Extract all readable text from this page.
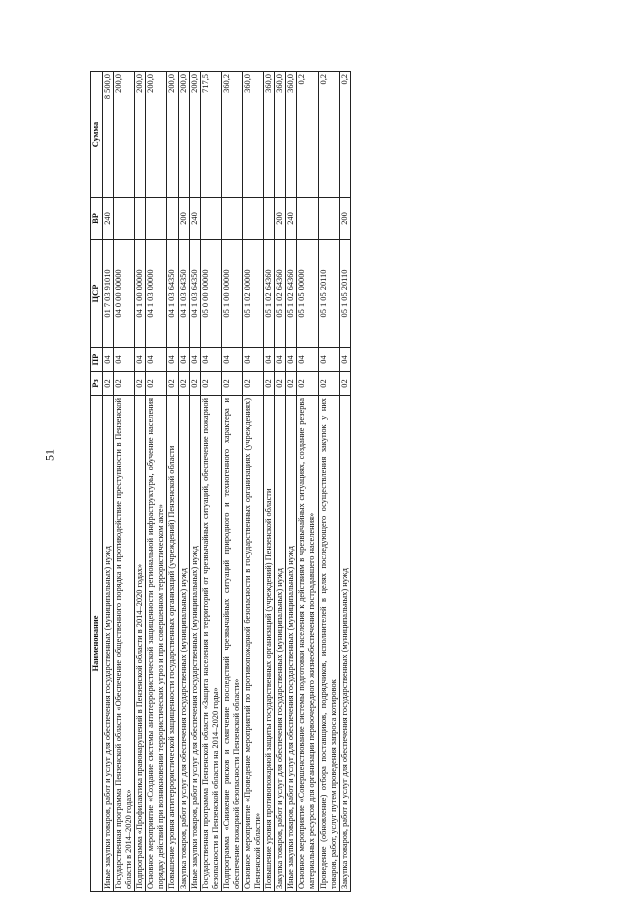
51
Наименование	Рз	ПР	ЦСР	ВР	Сумма
Иные закупки товаров, работ и услуг для обеспечения государственных (муниципальных) нужд	02	04	01 7 03 91010	240	8 500,0
Государственная программа Пензенской области «Обеспечение общественного порядка и противодействие преступности в Пензенской области в 2014–2020 годах»	02	04	04 0 00 00000		200,0
Подпрограмма «Профилактика правонарушений в Пензенской области в 2014–2020 годах»	02	04	04 1 00 00000		200,0
Основное мероприятие «Создание системы антитеррористической защищенности региональной инфраструктуры, обучение населения порядку действий при возникновении террористических угроз и при совершенном террористическом акте»	02	04	04 1 03 00000		200,0
Повышение уровня антитеррористической защищенности государственных организаций (учреждений) Пензенской области	02	04	04 1 03 64350		200,0
Закупка товаров, работ и услуг для обеспечения государственных (муниципальных) нужд	02	04	04 1 03 64350	200	200,0
Иные закупки товаров, работ и услуг для обеспечения государственных (муниципальных) нужд	02	04	04 1 03 64350	240	200,0
Государственная программа Пензенской области «Защита населения и территорий от чрезвычайных ситуаций, обеспечение пожарной безопасности в Пензенской области на 2014–2020 годы»	02	04	05 0 00 00000		717,5
Подпрограмма «Снижение рисков и смягчение последствий чрезвычайных ситуаций природного и техногенного характера и обеспечение пожарной безопасности Пензенской области»	02	04	05 1 00 00000		360,2
Основное мероприятие «Проведение мероприятий по противопожарной безопасности в государственных организациях (учреждениях) Пензенской области»	02	04	05 1 02 00000		360,0
Повышение уровня противопожарной защиты государственных организаций (учреждений) Пензенской области	02	04	05 1 02 64360		360,0
Закупка товаров, работ и услуг для обеспечения государственных (муниципальных) нужд	02	04	05 1 02 64360	200	360,0
Иные закупки товаров, работ и услуг для обеспечения государственных (муниципальных) нужд	02	04	05 1 02 64360	240	360,0
Основное мероприятие «Совершенствование системы подготовки населения к действиям в чрезвычайных ситуациях, создание резерва материальных ресурсов для организации первоочередного жизнеобеспечения пострадавшего населения»	02	04	05 1 05 00000		0,2
Проведение (обновление) отбора поставщиков, подрядчиков, исполнителей в целях последующего осуществления закупок у них товаров, работ, услуг путем проведения запроса котировок	02	04	05 1 05 20110		0,2
Закупка товаров, работ и услуг для обеспечения государственных (муниципальных) нужд	02	04	05 1 05 20110	200	0,2
